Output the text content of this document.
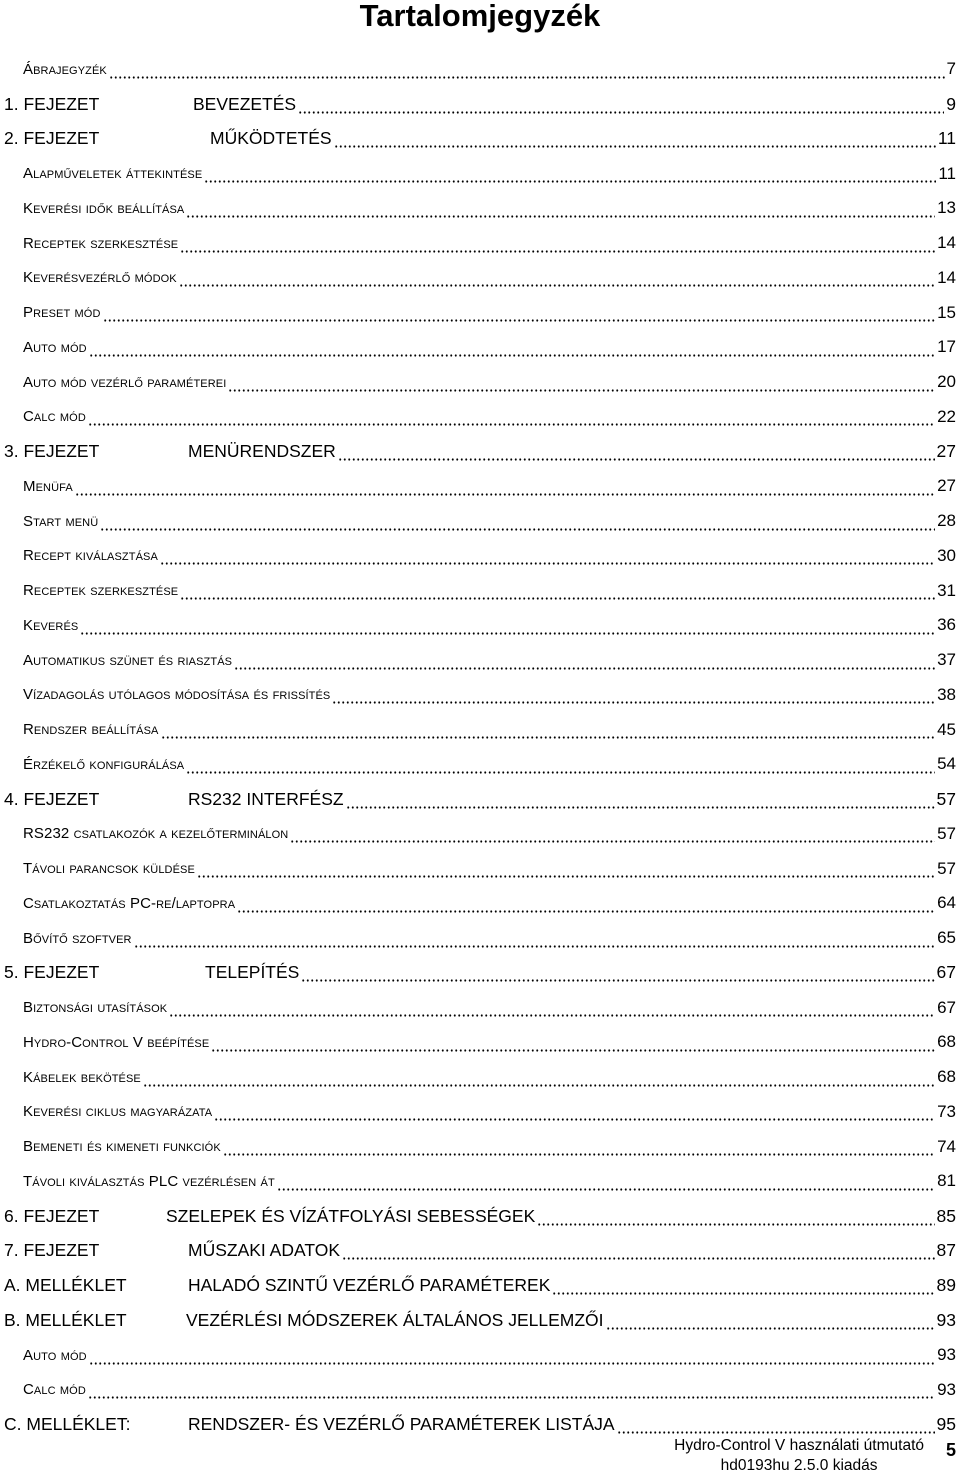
Tartalomjegyzék
Ábrajegyzék	7
1. FEJEZET	BEVEZETÉS	9
2. FEJEZET	MŰKÖDTETÉS	11
Alapműveletek áttekintése	11
Keverési idők beállítása	13
Receptek szerkesztése	14
Keverésvezérlő módok	14
Preset mód	15
Auto mód	17
Auto mód vezérlő paraméterei	20
Calc mód	22
3. FEJEZET	MENÜRENDSZER	27
Menüfa	27
Start menü	28
Recept kiválasztása	30
Receptek szerkesztése	31
Keverés	36
Automatikus szünet és riasztás	37
Vízadagolás utólagos módosítása és frissítés	38
Rendszer beállítása	45
Érzékelő konfigurálása	54
4. FEJEZET	RS232 INTERFÉSZ	57
RS232 csatlakozók a kezelőterminálon	57
Távoli parancsok küldése	57
Csatlakoztatás PC-re/laptopra	64
Bővítő szoftver	65
5. FEJEZET	TELEPÍTÉS	67
Biztonsági utasítások	67
Hydro-Control V beépítése	68
Kábelek bekötése	68
Keverési ciklus magyarázata	73
Bemeneti és kimeneti funkciók	74
Távoli kiválasztás PLC vezérlésen át	81
6. FEJEZET	SZELEPEK ÉS VÍZÁTFOLYÁSI SEBESSÉGEK	85
7. FEJEZET	MŰSZAKI ADATOK	87
A. MELLÉKLET	HALADÓ SZINTŰ VEZÉRLŐ PARAMÉTEREK	89
B. MELLÉKLET	VEZÉRLÉSI MÓDSZEREK ÁLTALÁNOS JELLEMZŐI	93
Auto mód	93
Calc mód	93
C. MELLÉKLET:	RENDSZER- ÉS VEZÉRLŐ PARAMÉTEREK LISTÁJA	95
Hydro-Control V használati útmutató
hd0193hu 2.5.0 kiadás
5
